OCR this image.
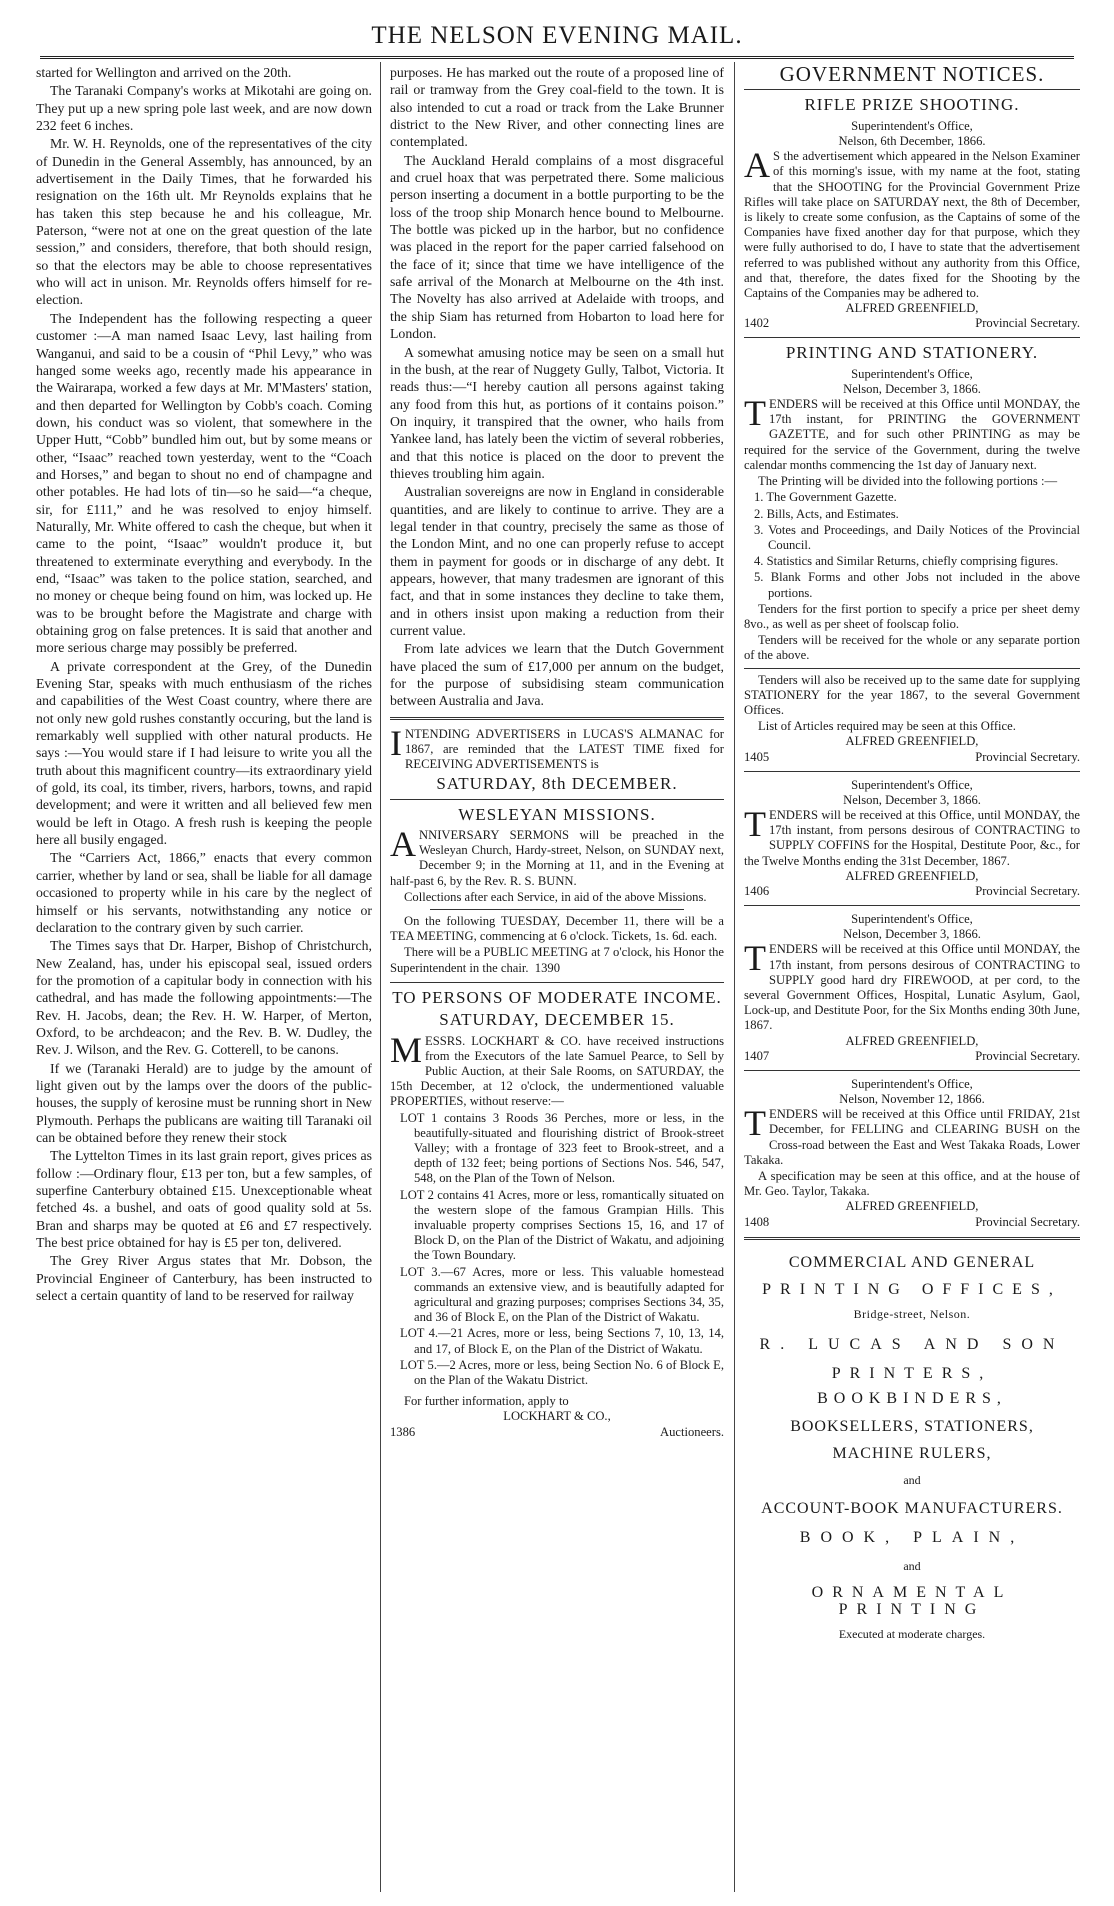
THE NELSON EVENING MAIL.

started for Wellington and arrived on the 20th.

The Taranaki Company's works at Mikotahi are going on. They put up a new spring pole last week, and are now down 232 feet 6 inches.

Mr. W. H. Reynolds, one of the representatives of the city of Dunedin in the General Assembly, has announced, by an advertisement in the Daily Times, that he forwarded his resignation on the 16th ult. Mr Reynolds explains that he has taken this step because he and his colleague, Mr. Paterson, “were not at one on the great question of the late session,” and considers, therefore, that both should resign, so that the electors may be able to choose representatives who will act in unison. Mr. Reynolds offers himself for re-election.

The Independent has the following respecting a queer customer :—A man named Isaac Levy, last hailing from Wanganui, and said to be a cousin of “Phil Levy,” who was hanged some weeks ago, recently made his appearance in the Wairarapa, worked a few days at Mr. M'Masters' station, and then departed for Wellington by Cobb's coach. Coming down, his conduct was so violent, that somewhere in the Upper Hutt, “Cobb” bundled him out, but by some means or other, “Isaac” reached town yesterday, went to the “Coach and Horses,” and began to shout no end of champagne and other potables. He had lots of tin—so he said—“a cheque, sir, for £111,” and he was resolved to enjoy himself. Naturally, Mr. White offered to cash the cheque, but when it came to the point, “Isaac” wouldn't produce it, but threatened to exterminate everything and everybody. In the end, “Isaac” was taken to the police station, searched, and no money or cheque being found on him, was locked up. He was to be brought before the Magistrate and charge with obtaining grog on false pretences. It is said that another and more serious charge may possibly be preferred.

A private correspondent at the Grey, of the Dunedin Evening Star, speaks with much enthusiasm of the riches and capabilities of the West Coast country, where there are not only new gold rushes constantly occuring, but the land is remarkably well supplied with other natural products. He says :—You would stare if I had leisure to write you all the truth about this magnificent country—its extraordinary yield of gold, its coal, its timber, rivers, harbors, towns, and rapid development; and were it written and all believed few men would be left in Otago. A fresh rush is keeping the people here all busily engaged.

The “Carriers Act, 1866,” enacts that every common carrier, whether by land or sea, shall be liable for all damage occasioned to property while in his care by the neglect of himself or his servants, notwithstanding any notice or declaration to the contrary given by such carrier.

The Times says that Dr. Harper, Bishop of Christchurch, New Zealand, has, under his episcopal seal, issued orders for the promotion of a capitular body in connection with his cathedral, and has made the following appointments:—The Rev. H. Jacobs, dean; the Rev. H. W. Harper, of Merton, Oxford, to be archdeacon; and the Rev. B. W. Dudley, the Rev. J. Wilson, and the Rev. G. Cotterell, to be canons.

If we (Taranaki Herald) are to judge by the amount of light given out by the lamps over the doors of the public-houses, the supply of kerosine must be running short in New Plymouth. Perhaps the publicans are waiting till Taranaki oil can be obtained before they renew their stock

The Lyttelton Times in its last grain report, gives prices as follow :—Ordinary flour, £13 per ton, but a few samples, of superfine Canterbury obtained £15. Unexceptionable wheat fetched 4s. a bushel, and oats of good quality sold at 5s. Bran and sharps may be quoted at £6 and £7 respectively. The best price obtained for hay is £5 per ton, delivered.

The Grey River Argus states that Mr. Dobson, the Provincial Engineer of Canterbury, has been instructed to select a certain quantity of land to be reserved for railway

purposes. He has marked out the route of a proposed line of rail or tramway from the Grey coal-field to the town. It is also intended to cut a road or track from the Lake Brunner district to the New River, and other connecting lines are contemplated.

The Auckland Herald complains of a most disgraceful and cruel hoax that was perpetrated there. Some malicious person inserting a document in a bottle purporting to be the loss of the troop ship Monarch hence bound to Melbourne. The bottle was picked up in the harbor, but no confidence was placed in the report for the paper carried falsehood on the face of it; since that time we have intelligence of the safe arrival of the Monarch at Melbourne on the 4th inst. The Novelty has also arrived at Adelaide with troops, and the ship Siam has returned from Hobarton to load here for London.

A somewhat amusing notice may be seen on a small hut in the bush, at the rear of Nuggety Gully, Talbot, Victoria. It reads thus:—“I hereby caution all persons against taking any food from this hut, as portions of it contains poison.” On inquiry, it transpired that the owner, who hails from Yankee land, has lately been the victim of several robberies, and that this notice is placed on the door to prevent the thieves troubling him again.

Australian sovereigns are now in England in considerable quantities, and are likely to continue to arrive. They are a legal tender in that country, precisely the same as those of the London Mint, and no one can properly refuse to accept them in payment for goods or in discharge of any debt. It appears, however, that many tradesmen are ignorant of this fact, and that in some instances they decline to take them, and in others insist upon making a reduction from their current value.

From late advices we learn that the Dutch Government have placed the sum of £17,000 per annum on the budget, for the purpose of subsidising steam communication between Australia and Java.

INTENDING ADVERTISERS in LUCAS'S ALMANAC for 1867, are reminded that the LATEST TIME fixed for RECEIVING ADVERTISEMENTS is

SATURDAY, 8th DECEMBER.
WESLEYAN MISSIONS.

ANNIVERSARY SERMONS will be preached in the Wesleyan Church, Hardy-street, Nelson, on SUNDAY next, December 9; in the Morning at 11, and in the Evening at half-past 6, by the Rev. R. S. BUNN.

Collections after each Service, in aid of the above Missions.

On the following TUESDAY, December 11, there will be a TEA MEETING, commencing at 6 o'clock. Tickets, 1s. 6d. each.

There will be a PUBLIC MEETING at 7 o'clock, his Honor the Superintendent in the chair. 1390

TO PERSONS OF MODERATE INCOME.
SATURDAY, DECEMBER 15.

MESSRS. LOCKHART & CO. have received instructions from the Executors of the late Samuel Pearce, to Sell by Public Auction, at their Sale Rooms, on SATURDAY, the 15th December, at 12 o'clock, the undermentioned valuable PROPERTIES, without reserve:—

LOT 1 contains 3 Roods 36 Perches, more or less, in the beautifully-situated and flourishing district of Brook-street Valley; with a frontage of 323 feet to Brook-street, and a depth of 132 feet; being portions of Sections Nos. 546, 547, 548, on the Plan of the Town of Nelson.

LOT 2 contains 41 Acres, more or less, romantically situated on the western slope of the famous Grampian Hills. This invaluable property comprises Sections 15, 16, and 17 of Block D, on the Plan of the District of Wakatu, and adjoining the Town Boundary.

LOT 3.—67 Acres, more or less. This valuable homestead commands an extensive view, and is beautifully adapted for agricultural and grazing purposes; comprises Sections 34, 35, and 36 of Block E, on the Plan of the District of Wakatu.

LOT 4.—21 Acres, more or less, being Sections 7, 10, 13, 14, and 17, of Block E, on the Plan of the District of Wakatu.

LOT 5.—2 Acres, more or less, being Section No. 6 of Block E, on the Plan of the Wakatu District.

For further information, apply to

LOCKHART & CO.,
1386	Auctioneers.
GOVERNMENT NOTICES.
RIFLE PRIZE SHOOTING.
Superintendent's Office,
Nelson, 6th December, 1866.

A S the advertisement which appeared in the Nelson Examiner of this morning's issue, with my name at the foot, stating that the SHOOTING for the Provincial Government Prize Rifles will take place on SATURDAY next, the 8th of December, is likely to create some confusion, as the Captains of some of the Companies have fixed another day for that purpose, which they were fully authorised to do, I have to state that the advertisement referred to was published without any authority from this Office, and that, therefore, the dates fixed for the Shooting by the Captains of the Companies may be adhered to.

ALFRED GREENFIELD,
1402	Provincial Secretary.
PRINTING AND STATIONERY.
Superintendent's Office,
Nelson, December 3, 1866.

TENDERS will be received at this Office until MONDAY, the 17th instant, for PRINTING the GOVERNMENT GAZETTE, and for such other PRINTING as may be required for the service of the Government, during the twelve calendar months commencing the 1st day of January next.

The Printing will be divided into the following portions :—

1. The Government Gazette.

2. Bills, Acts, and Estimates.

3. Votes and Proceedings, and Daily Notices of the Provincial Council.

4. Statistics and Similar Returns, chiefly comprising figures.

5. Blank Forms and other Jobs not included in the above portions.

Tenders for the first portion to specify a price per sheet demy 8vo., as well as per sheet of foolscap folio.

Tenders will be received for the whole or any separate portion of the above.

Tenders will also be received up to the same date for supplying STATIONERY for the year 1867, to the several Government Offices.

List of Articles required may be seen at this Office.

ALFRED GREENFIELD,
1405	Provincial Secretary.
Superintendent's Office,
Nelson, December 3, 1866.

TENDERS will be received at this Office, until MONDAY, the 17th instant, from persons desirous of CONTRACTING to SUPPLY COFFINS for the Hospital, Destitute Poor, &c., for the Twelve Months ending the 31st December, 1867.

ALFRED GREENFIELD,
1406	Provincial Secretary.
Superintendent's Office,
Nelson, December 3, 1866.

TENDERS will be received at this Office until MONDAY, the 17th instant, from persons desirous of CONTRACTING to SUPPLY good hard dry FIREWOOD, at per cord, to the several Government Offices, Hospital, Lunatic Asylum, Gaol, Lock-up, and Destitute Poor, for the Six Months ending 30th June, 1867.

ALFRED GREENFIELD,
1407	Provincial Secretary.
Superintendent's Office,
Nelson, November 12, 1866.

TENDERS will be received at this Office until FRIDAY, 21st December, for FELLING and CLEARING BUSH on the Cross-road between the East and West Takaka Roads, Lower Takaka.

A specification may be seen at this office, and at the house of Mr. Geo. Taylor, Takaka.

ALFRED GREENFIELD,
1408	Provincial Secretary.
COMMERCIAL AND GENERAL
PRINTING OFFICES,
Bridge-street, Nelson.
R. LUCAS AND SON
PRINTERS,
BOOKBINDERS,
BOOKSELLERS, STATIONERS,
MACHINE RULERS,
and
ACCOUNT-BOOK MANUFACTURERS.
BOOK, PLAIN,
and
ORNAMENTAL PRINTING
Executed at moderate charges.
